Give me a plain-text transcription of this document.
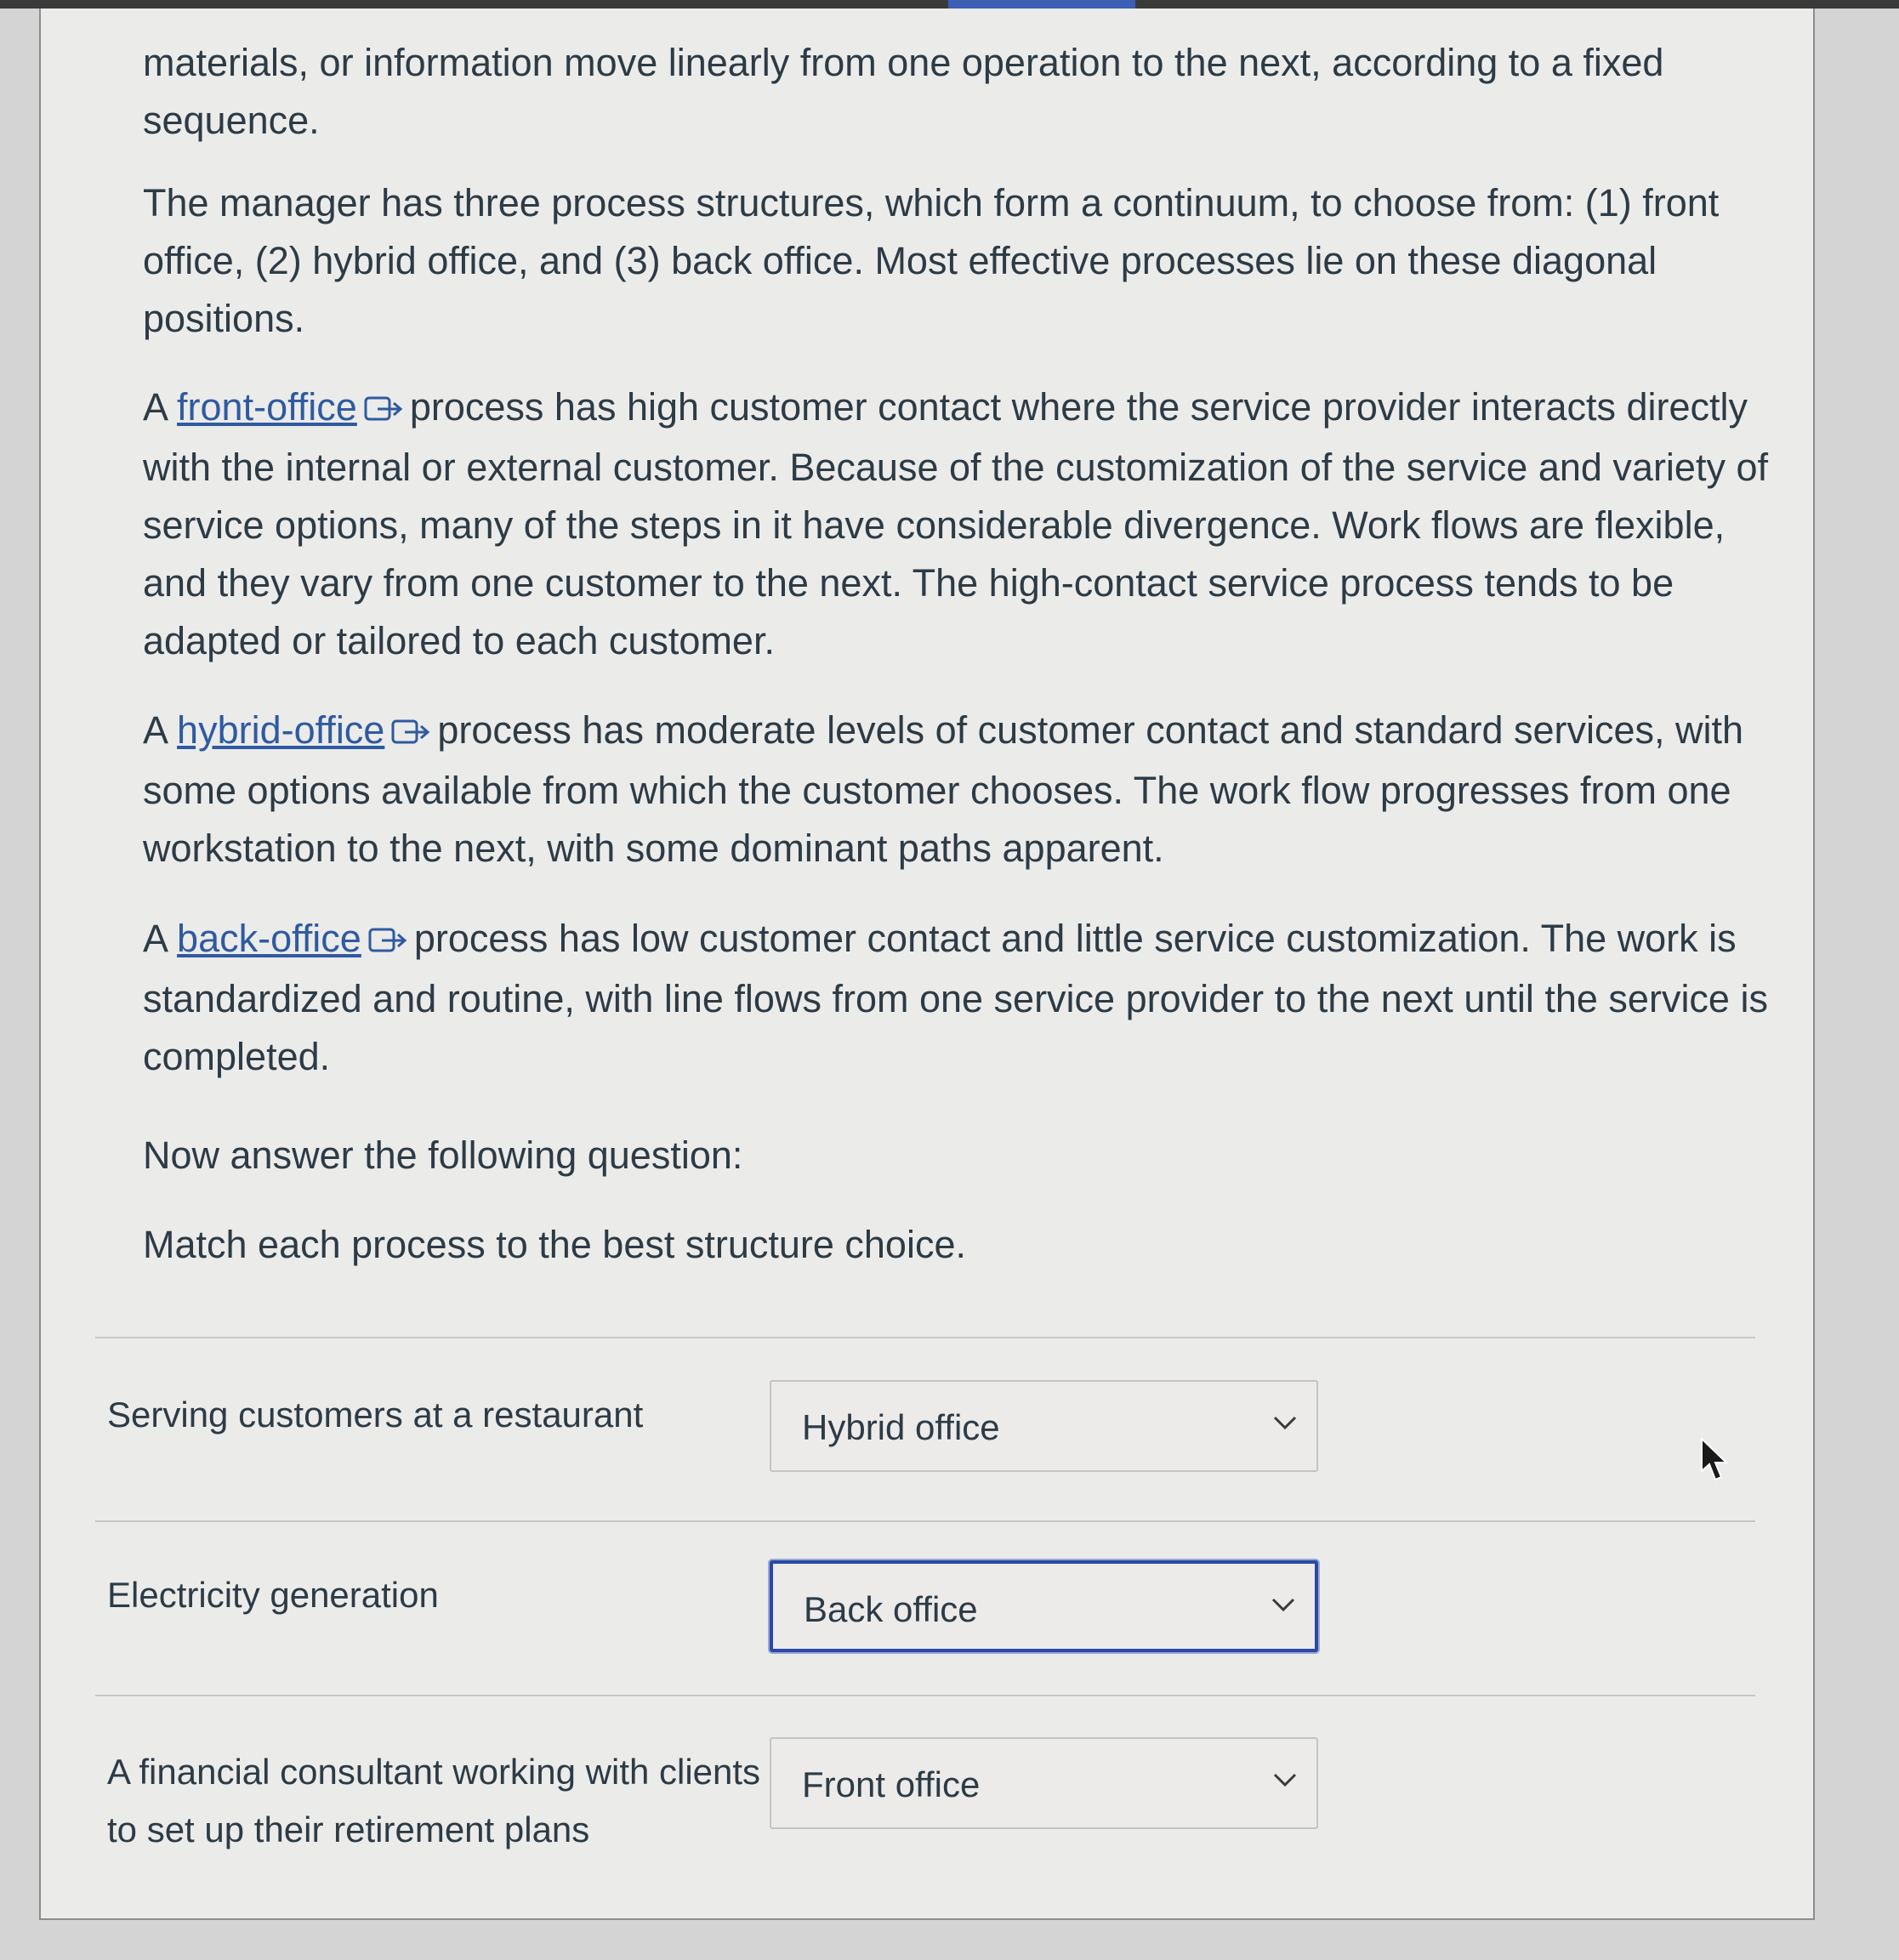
materials, or information move linearly from one operation to the next, according to a fixed sequence.

The manager has three process structures, which form a continuum, to choose from: (1) front office, (2) hybrid office, and (3) back office. Most effective processes lie on these diagonal positions.

A front-office process has high customer contact where the service provider interacts directly with the internal or external customer. Because of the customization of the service and variety of service options, many of the steps in it have considerable divergence. Work flows are flexible, and they vary from one customer to the next. The high-contact service process tends to be adapted or tailored to each customer.

A hybrid-office process has moderate levels of customer contact and standard services, with some options available from which the customer chooses. The work flow progresses from one workstation to the next, with some dominant paths apparent.

A back-office process has low customer contact and little service customization. The work is standardized and routine, with line flows from one service provider to the next until the service is completed.

Now answer the following question:

Match each process to the best structure choice.

Serving customers at a restaurant	Hybrid office
Electricity generation	Back office
A financial consultant working with clients to set up their retirement plans
Front office
